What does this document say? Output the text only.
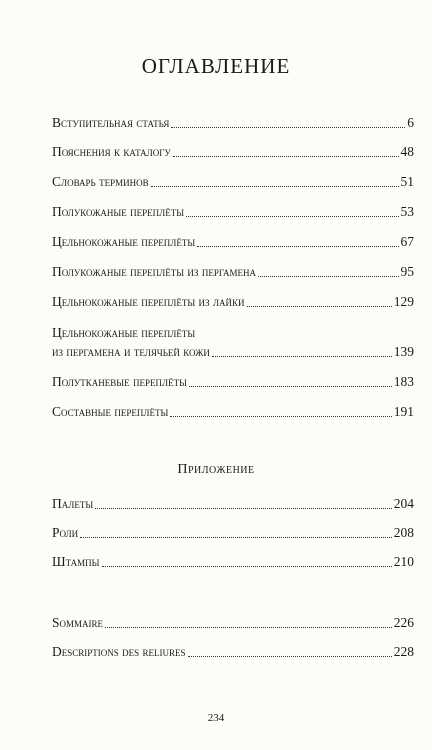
ОГЛАВЛЕНИЕ
Вступительная статья	6
Пояснения к каталогу	48
Словарь терминов	51
Полукожаные переплёты	53
Цельнокожаные переплёты	67
Полукожаные переплёты из пергамена	95
Цельнокожаные переплёты из лайки	129
Цельнокожаные переплёты
из пергамена и телячьей кожи	139
Полутканевые переплёты	183
Составные переплёты	191
Приложение
Палеты	204
Роли	208
Штампы	210
Sommaire	226
Descriptions des reliures	228
234
